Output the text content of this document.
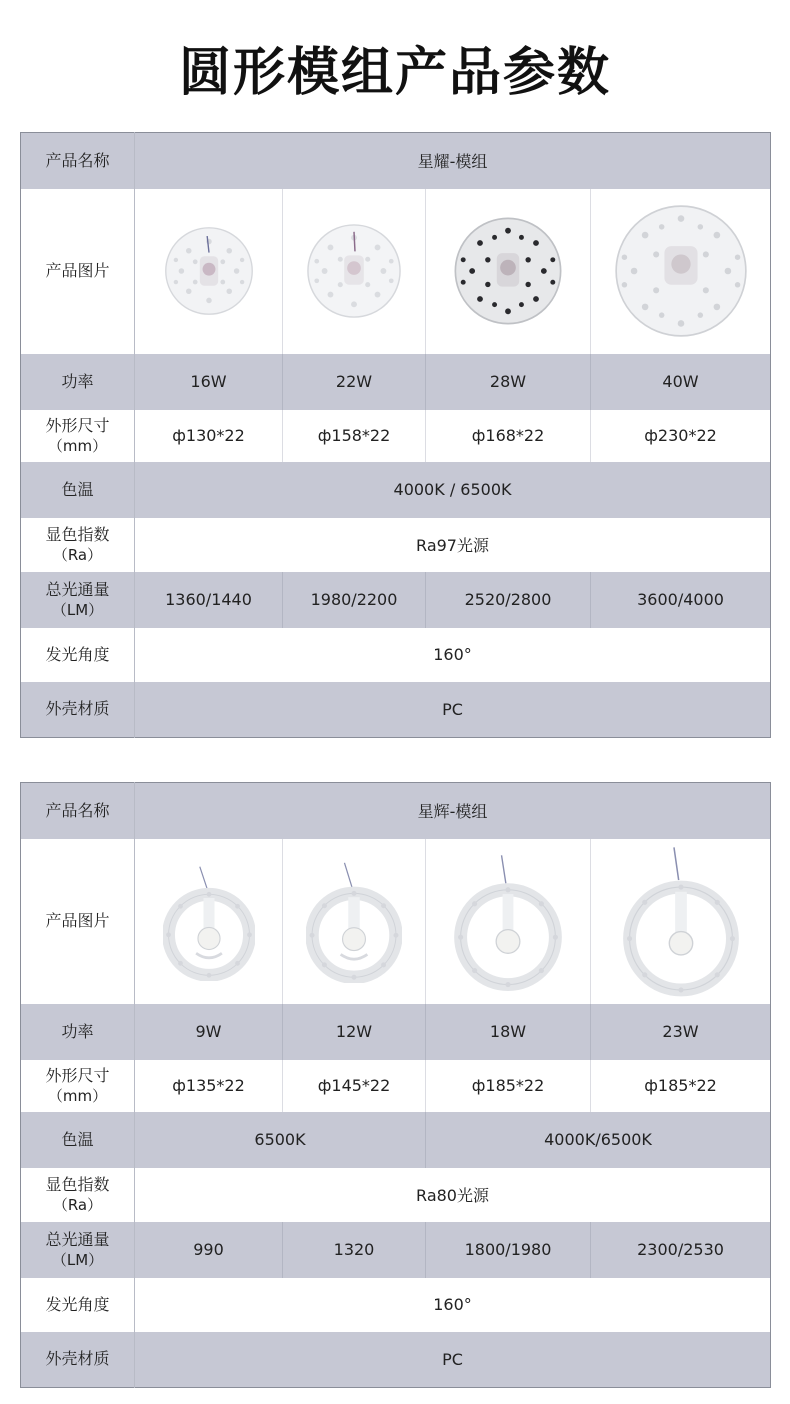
圆形模组产品参数
产品名称	星耀-模组			
产品图片	

功率	16W	22W	28W	40W
外形尺寸
（mm）	ф130*22	ф158*22	ф168*22	ф230*22
色温	4000K / 6500K			
显色指数
（Ra）	Ra97光源			
总光通量
（LM）	1360/1440	1980/2200	2520/2800	3600/4000
发光角度	160°			
外壳材质	PC			
产品名称	星辉-模组			
产品图片	

功率	9W	12W	18W	23W
外形尺寸
（mm）	ф135*22	ф145*22	ф185*22	ф185*22
色温	6500K		4000K/6500K	
显色指数
（Ra）	Ra80光源			
总光通量
（LM）	990	1320	1800/1980	2300/2530
发光角度	160°			
外壳材质	PC			
